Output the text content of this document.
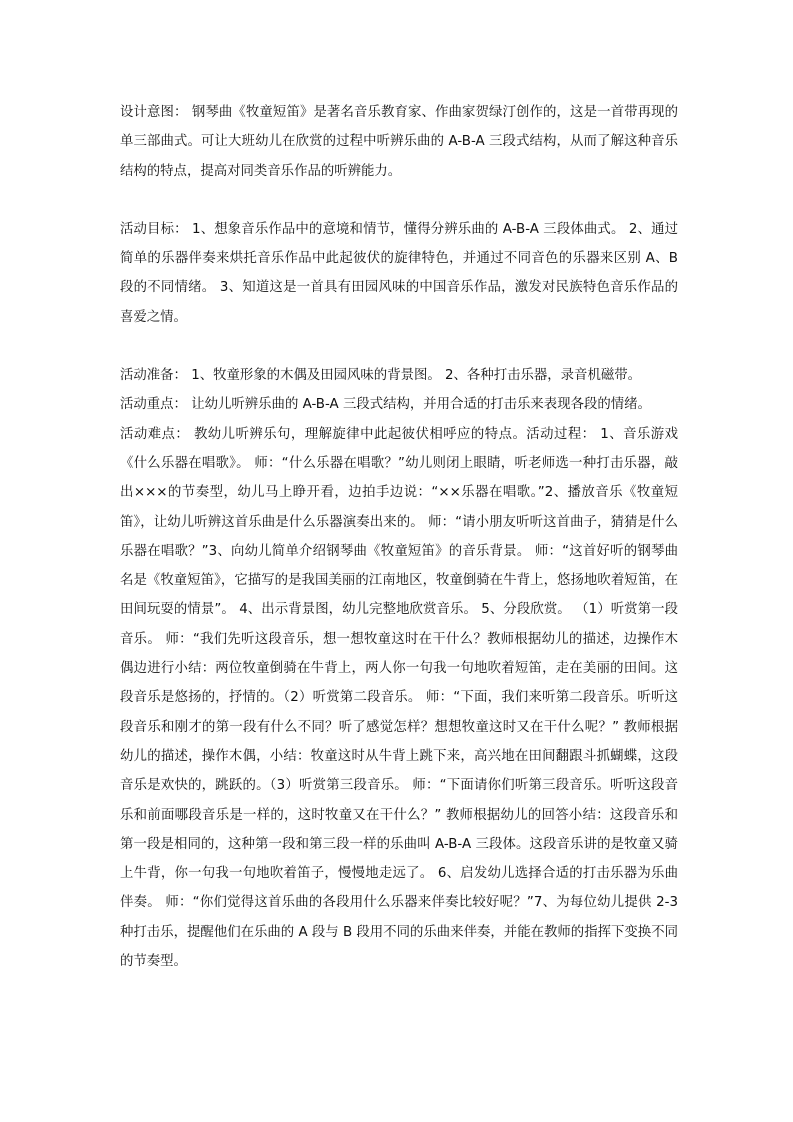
设计意图： 钢琴曲《牧童短笛》是著名音乐教育家、作曲家贺绿汀创作的，这是一首带再现的单三部曲式。可让大班幼儿在欣赏的过程中听辨乐曲的 A-B-A 三段式结构，从而了解这种音乐结构的特点，提高对同类音乐作品的听辨能力。

活动目标： 1、想象音乐作品中的意境和情节，懂得分辨乐曲的 A-B-A 三段体曲式。 2、通过简单的乐器伴奏来烘托音乐作品中此起彼伏的旋律特色，并通过不同音色的乐器来区别 A、B 段的不同情绪。 3、知道这是一首具有田园风味的中国音乐作品，激发对民族特色音乐作品的喜爱之情。

活动准备： 1、牧童形象的木偶及田园风味的背景图。 2、各种打击乐器，录音机磁带。

活动重点： 让幼儿听辨乐曲的 A-B-A 三段式结构，并用合适的打击乐来表现各段的情绪。

活动难点： 教幼儿听辨乐句，理解旋律中此起彼伏相呼应的特点。活动过程： 1、音乐游戏《什么乐器在唱歌》。 师：“什么乐器在唱歌？”幼儿则闭上眼睛，听老师选一种打击乐器，敲出×××的节奏型，幼儿马上睁开看，边拍手边说：“××乐器在唱歌。”2、播放音乐《牧童短笛》，让幼儿听辨这首乐曲是什么乐器演奏出来的。 师：“请小朋友听听这首曲子，猜猜是什么乐器在唱歌？”3、向幼儿简单介绍钢琴曲《牧童短笛》的音乐背景。 师：“这首好听的钢琴曲名是《牧童短笛》，它描写的是我国美丽的江南地区，牧童倒骑在牛背上，悠扬地吹着短笛，在田间玩耍的情景”。 4、出示背景图，幼儿完整地欣赏音乐。 5、分段欣赏。 （1）听赏第一段音乐。 师：“我们先听这段音乐，想一想牧童这时在干什么？教师根据幼儿的描述，边操作木偶边进行小结：两位牧童倒骑在牛背上，两人你一句我一句地吹着短笛，走在美丽的田间。这段音乐是悠扬的，抒情的。（2）听赏第二段音乐。 师：“下面，我们来听第二段音乐。听听这段音乐和刚才的第一段有什么不同？听了感觉怎样？想想牧童这时又在干什么呢？” 教师根据幼儿的描述，操作木偶，小结：牧童这时从牛背上跳下来，高兴地在田间翻跟斗抓蝴蝶，这段音乐是欢快的，跳跃的。（3）听赏第三段音乐。 师：“下面请你们听第三段音乐。听听这段音乐和前面哪段音乐是一样的，这时牧童又在干什么？” 教师根据幼儿的回答小结：这段音乐和第一段是相同的，这种第一段和第三段一样的乐曲叫 A-B-A 三段体。这段音乐讲的是牧童又骑上牛背，你一句我一句地吹着笛子，慢慢地走远了。 6、启发幼儿选择合适的打击乐器为乐曲伴奏。 师：“你们觉得这首乐曲的各段用什么乐器来伴奏比较好呢？”7、为每位幼儿提供 2-3 种打击乐，提醒他们在乐曲的 A 段与 B 段用不同的乐曲来伴奏，并能在教师的指挥下变换不同的节奏型。
